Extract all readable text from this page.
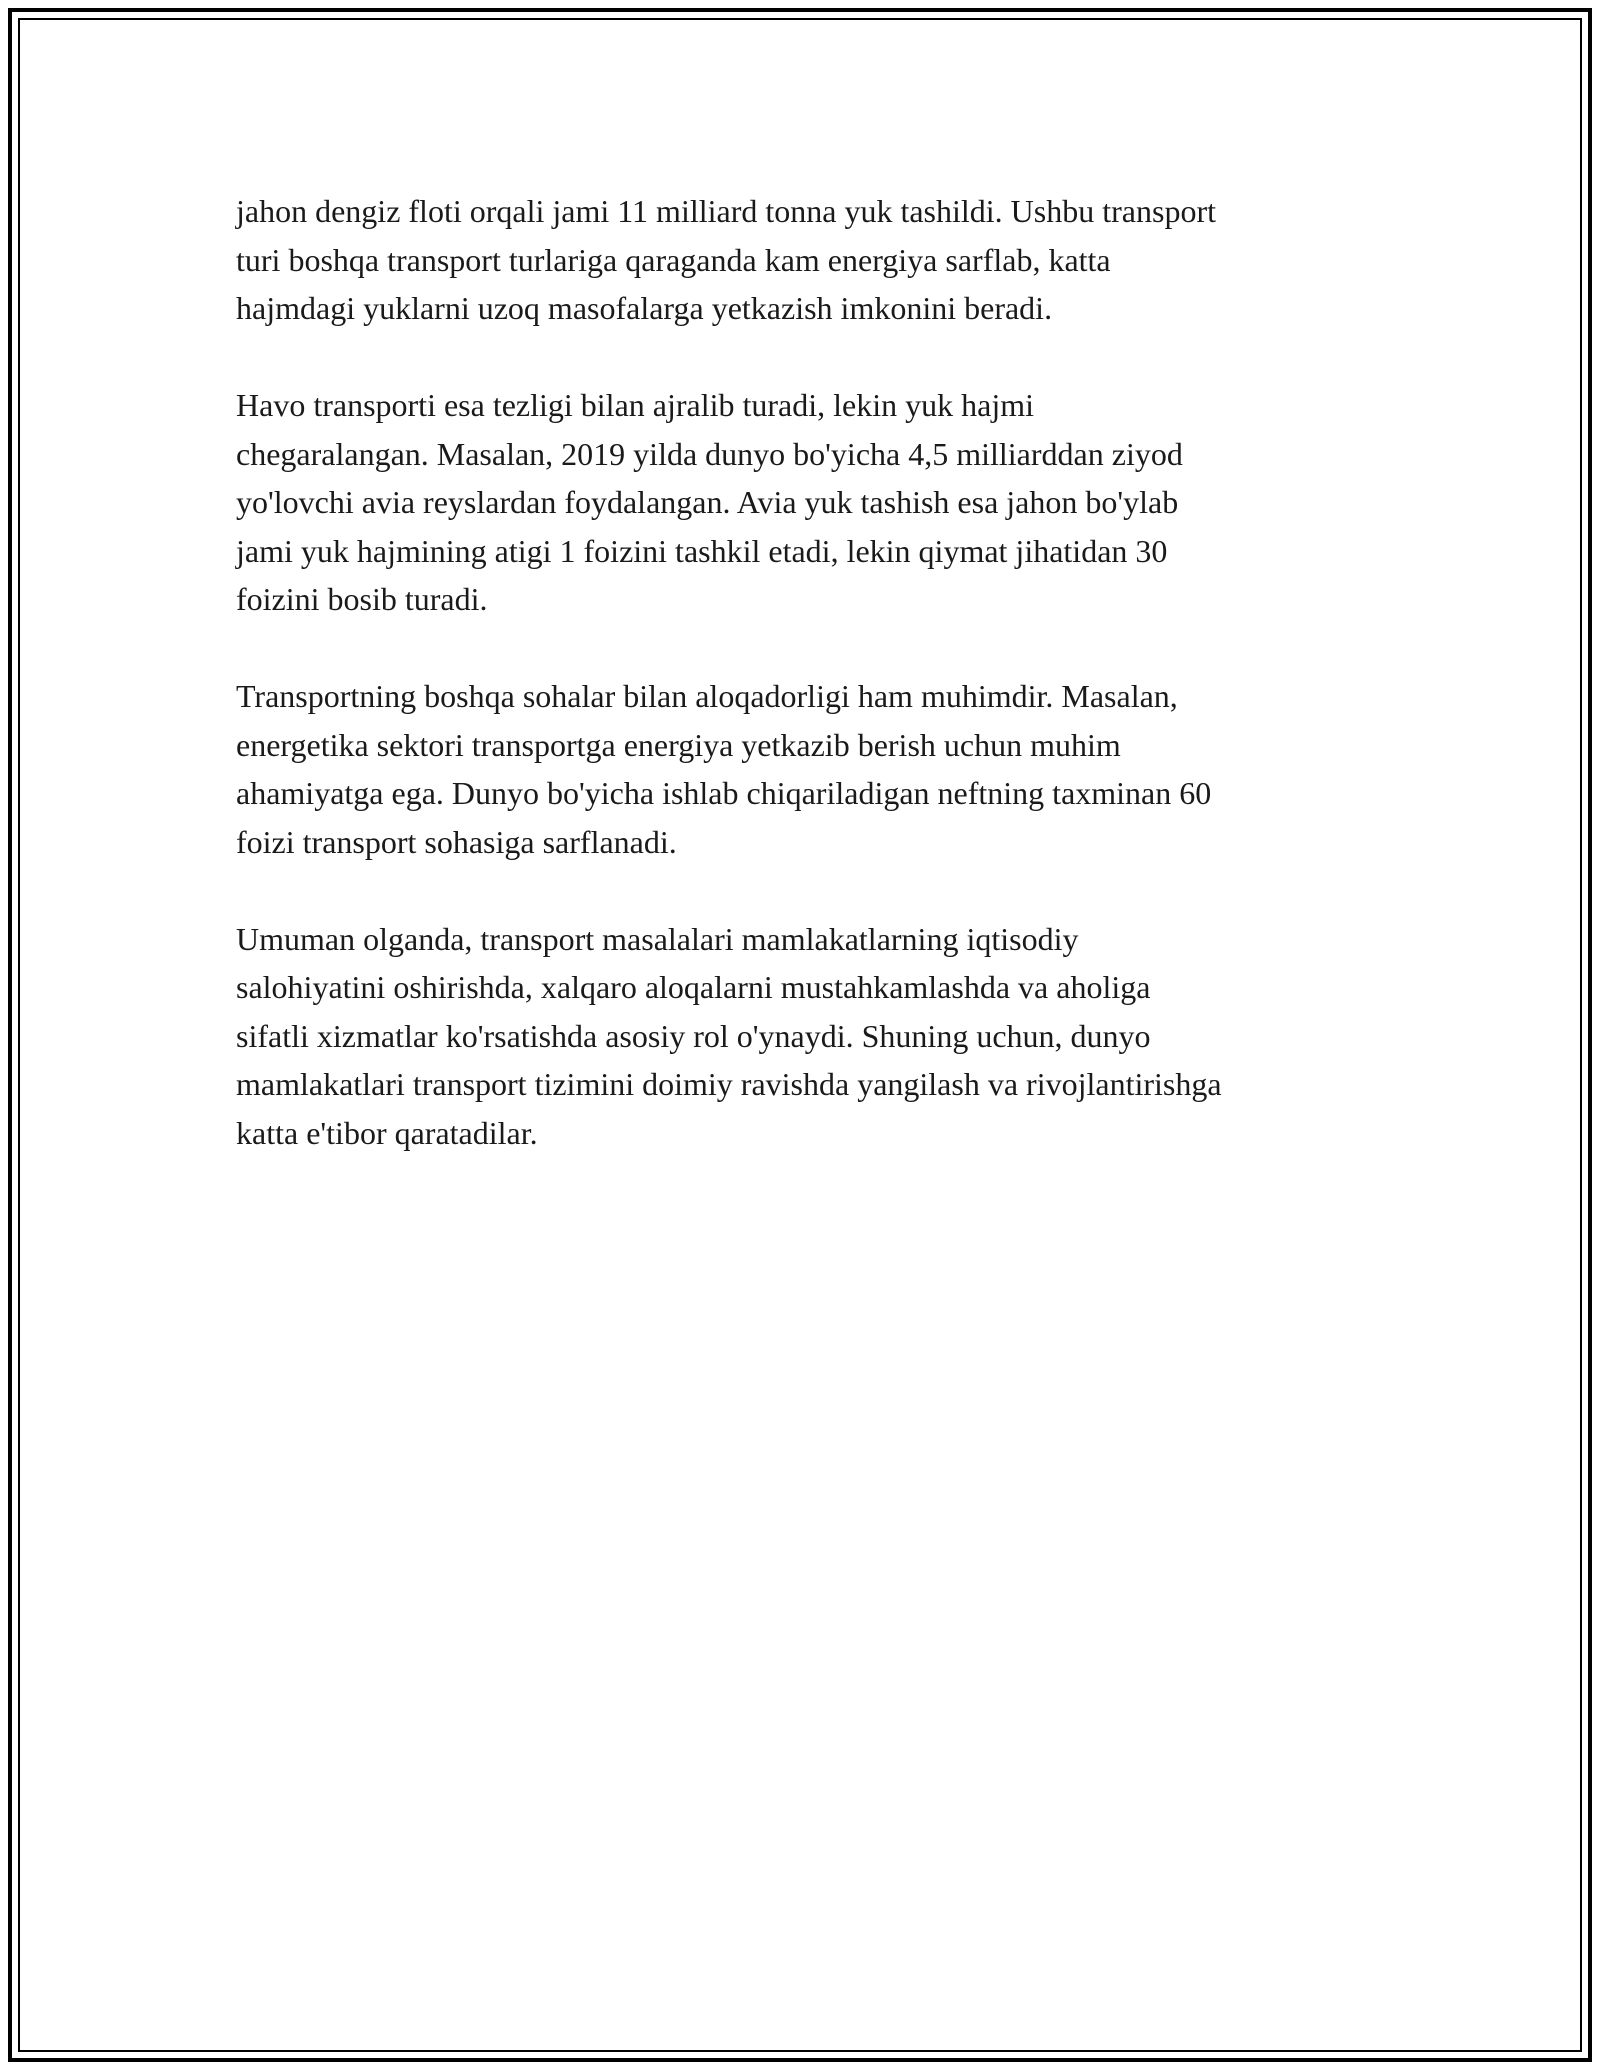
jahon dengiz floti orqali jami 11 milliard tonna yuk tashildi. Ushbu transport
turi boshqa transport turlariga qaraganda kam energiya sarflab, katta
hajmdagi yuklarni uzoq masofalarga yetkazish imkonini beradi.

Havo transporti esa tezligi bilan ajralib turadi, lekin yuk hajmi
chegaralangan. Masalan, 2019 yilda dunyo bo'yicha 4,5 milliarddan ziyod
yo'lovchi avia reyslardan foydalangan. Avia yuk tashish esa jahon bo'ylab
jami yuk hajmining atigi 1 foizini tashkil etadi, lekin qiymat jihatidan 30
foizini bosib turadi.

Transportning boshqa sohalar bilan aloqadorligi ham muhimdir. Masalan,
energetika sektori transportga energiya yetkazib berish uchun muhim
ahamiyatga ega. Dunyo bo'yicha ishlab chiqariladigan neftning taxminan 60
foizi transport sohasiga sarflanadi.

Umuman olganda, transport masalalari mamlakatlarning iqtisodiy
salohiyatini oshirishda, xalqaro aloqalarni mustahkamlashda va aholiga
sifatli xizmatlar ko'rsatishda asosiy rol o'ynaydi. Shuning uchun, dunyo
mamlakatlari transport tizimini doimiy ravishda yangilash va rivojlantirishga
katta e'tibor qaratadilar.
